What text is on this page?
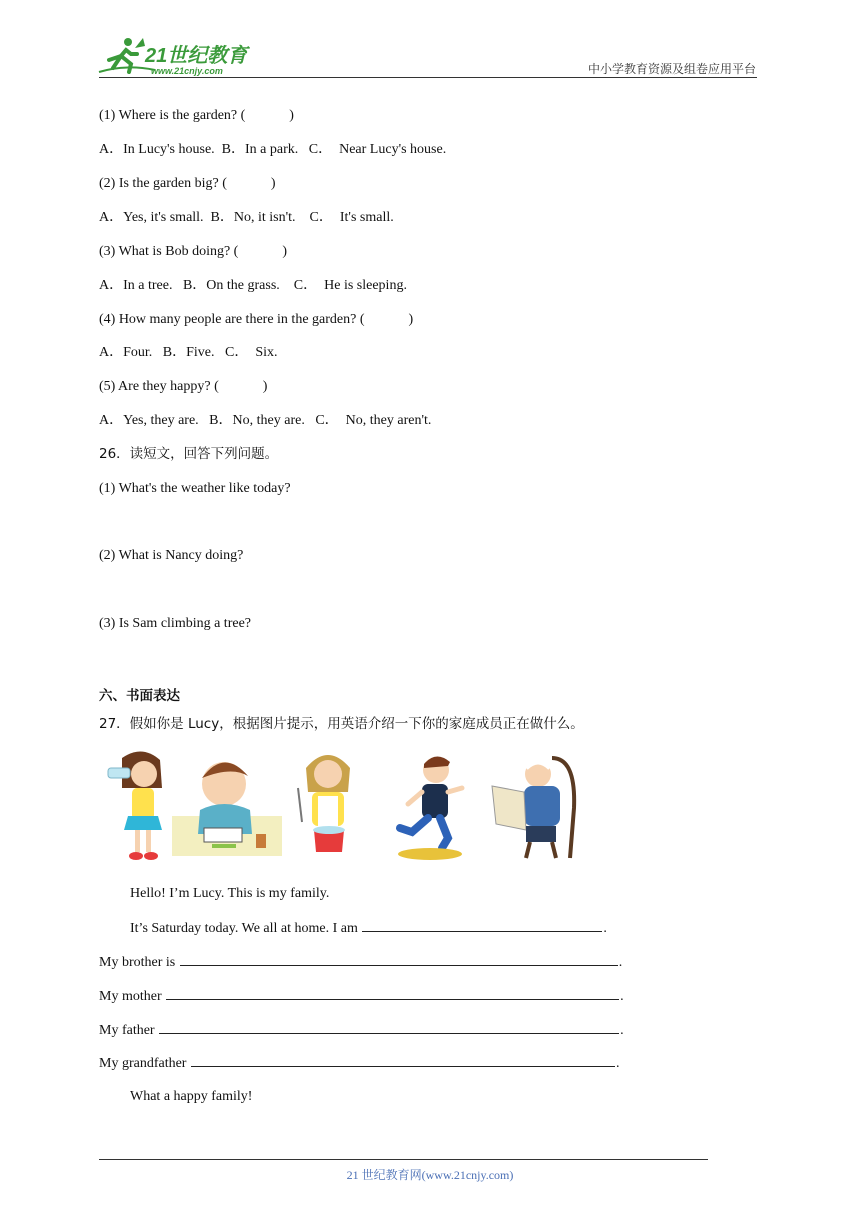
21世纪教育
www.21cnjy.com	中小学教育资源及组卷应用平台
(1) Where is the garden? (	)
A．In Lucy's house.  B．In a park.   C．  Near Lucy's house.
(2) Is the garden big? (	)
A．Yes, it's small.  B．No, it isn't.    C．  It's small.
(3) What is Bob doing? (	)
A．In a tree.   B．On the grass.    C．  He is sleeping.
(4) How many people are there in the garden? (	)
A．Four.   B．Five.   C．  Six.
(5) Are they happy? (	)
A．Yes, they are.   B．No, they are.   C．  No, they aren't.
26．读短文，回答下列问题。
(1) What's the weather like today?
(2) What is Nancy doing?
(3) Is Sam climbing a tree?
六、书面表达
27．假如你是 Lucy，根据图片提示，用英语介绍一下你的家庭成员正在做什么。
Hello! I’m Lucy. This is my family.
It’s Saturday today. We all at home. I am	.
My brother is	.
My mother	.
My father	.
My grandfather	.
What a happy family!
21 世纪教育网(www.21cnjy.com)
